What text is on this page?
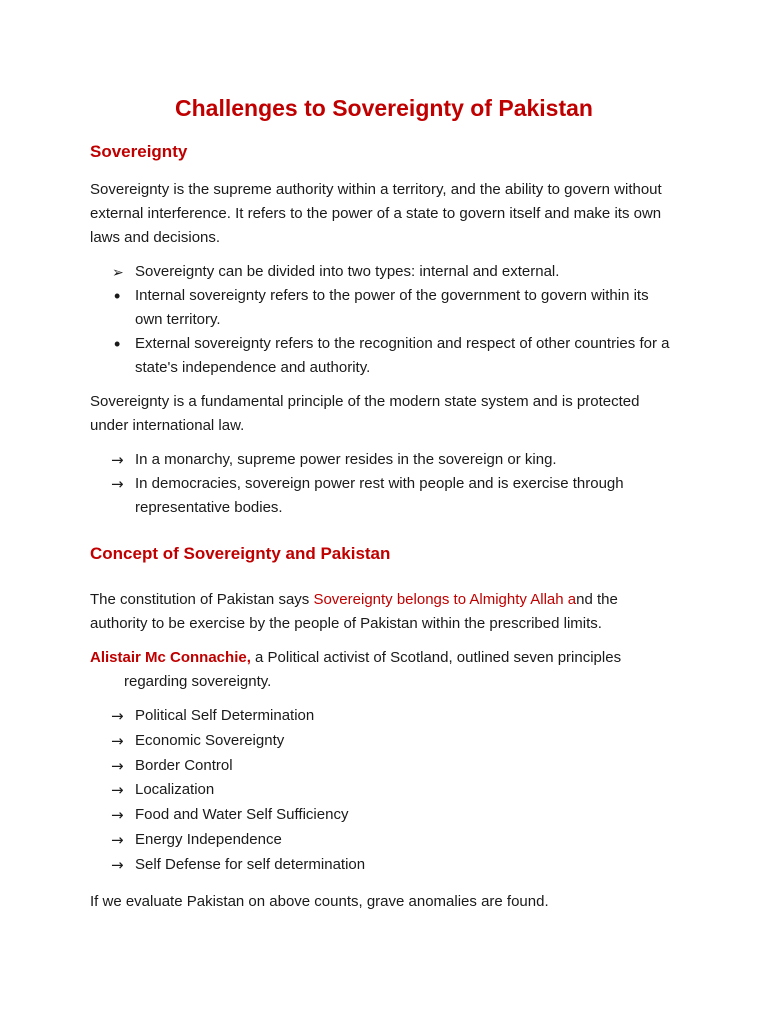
Challenges to Sovereignty of Pakistan
Sovereignty

Sovereignty is the supreme authority within a territory, and the ability to govern without external interference. It refers to the power of a state to govern itself and make its own laws and decisions.

➢ Sovereignty can be divided into two types: internal and external.
• Internal sovereignty refers to the power of the government to govern within its own territory.
• External sovereignty refers to the recognition and respect of other countries for a state's independence and authority.

Sovereignty is a fundamental principle of the modern state system and is protected under international law.

→ In a monarchy, supreme power resides in the sovereign or king.
→ In democracies, sovereign power rest with people and is exercise through representative bodies.
Concept of Sovereignty and Pakistan

The constitution of Pakistan says Sovereignty belongs to Almighty Allah and the authority to be exercise by the people of Pakistan within the prescribed limits.

Alistair Mc Connachie, a Political activist of Scotland, outlined seven principles regarding sovereignty.

→ Political Self Determination
→ Economic Sovereignty
→ Border Control
→ Localization
→ Food and Water Self Sufficiency
→ Energy Independence
→ Self Defense for self determination

If we evaluate Pakistan on above counts, grave anomalies are found.
